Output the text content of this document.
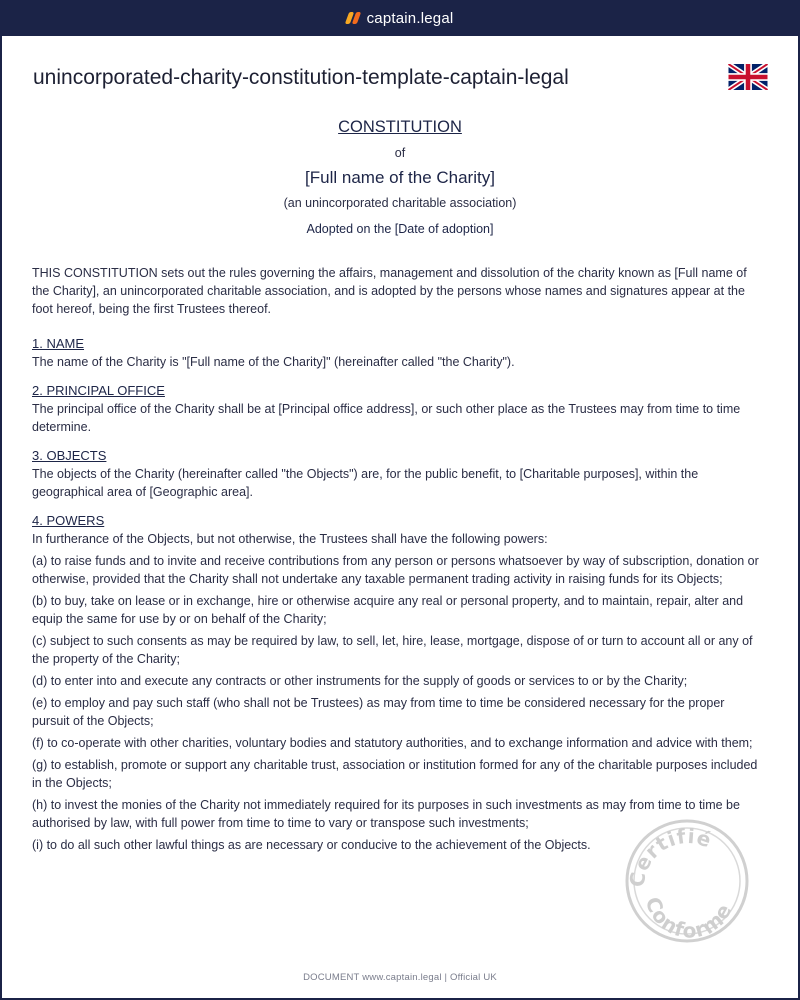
captain.legal
unincorporated-charity-constitution-template-captain-legal
CONSTITUTION
of
[Full name of the Charity]
(an unincorporated charitable association)
Adopted on the [Date of adoption]

THIS CONSTITUTION sets out the rules governing the affairs, management and dissolution of the charity known as [Full name of the Charity], an unincorporated charitable association, and is adopted by the persons whose names and signatures appear at the foot hereof, being the first Trustees thereof.

1. NAME

The name of the Charity is "[Full name of the Charity]" (hereinafter called "the Charity").

2. PRINCIPAL OFFICE

The principal office of the Charity shall be at [Principal office address], or such other place as the Trustees may from time to time determine.

3. OBJECTS

The objects of the Charity (hereinafter called "the Objects") are, for the public benefit, to [Charitable purposes], within the geographical area of [Geographic area].

4. POWERS

In furtherance of the Objects, but not otherwise, the Trustees shall have the following powers:

(a) to raise funds and to invite and receive contributions from any person or persons whatsoever by way of subscription, donation or otherwise, provided that the Charity shall not undertake any taxable permanent trading activity in raising funds for its Objects;

(b) to buy, take on lease or in exchange, hire or otherwise acquire any real or personal property, and to maintain, repair, alter and equip the same for use by or on behalf of the Charity;

(c) subject to such consents as may be required by law, to sell, let, hire, lease, mortgage, dispose of or turn to account all or any of the property of the Charity;

(d) to enter into and execute any contracts or other instruments for the supply of goods or services to or by the Charity;

(e) to employ and pay such staff (who shall not be Trustees) as may from time to time be considered necessary for the proper pursuit of the Objects;

(f) to co-operate with other charities, voluntary bodies and statutory authorities, and to exchange information and advice with them;

(g) to establish, promote or support any charitable trust, association or institution formed for any of the charitable purposes included in the Objects;

(h) to invest the monies of the Charity not immediately required for its purposes in such investments as may from time to time be authorised by law, with full power from time to time to vary or transpose such investments;

(i) to do all such other lawful things as are necessary or conducive to the achievement of the Objects.

Certifié
Conforme
DOCUMENT www.captain.legal | Official UK
